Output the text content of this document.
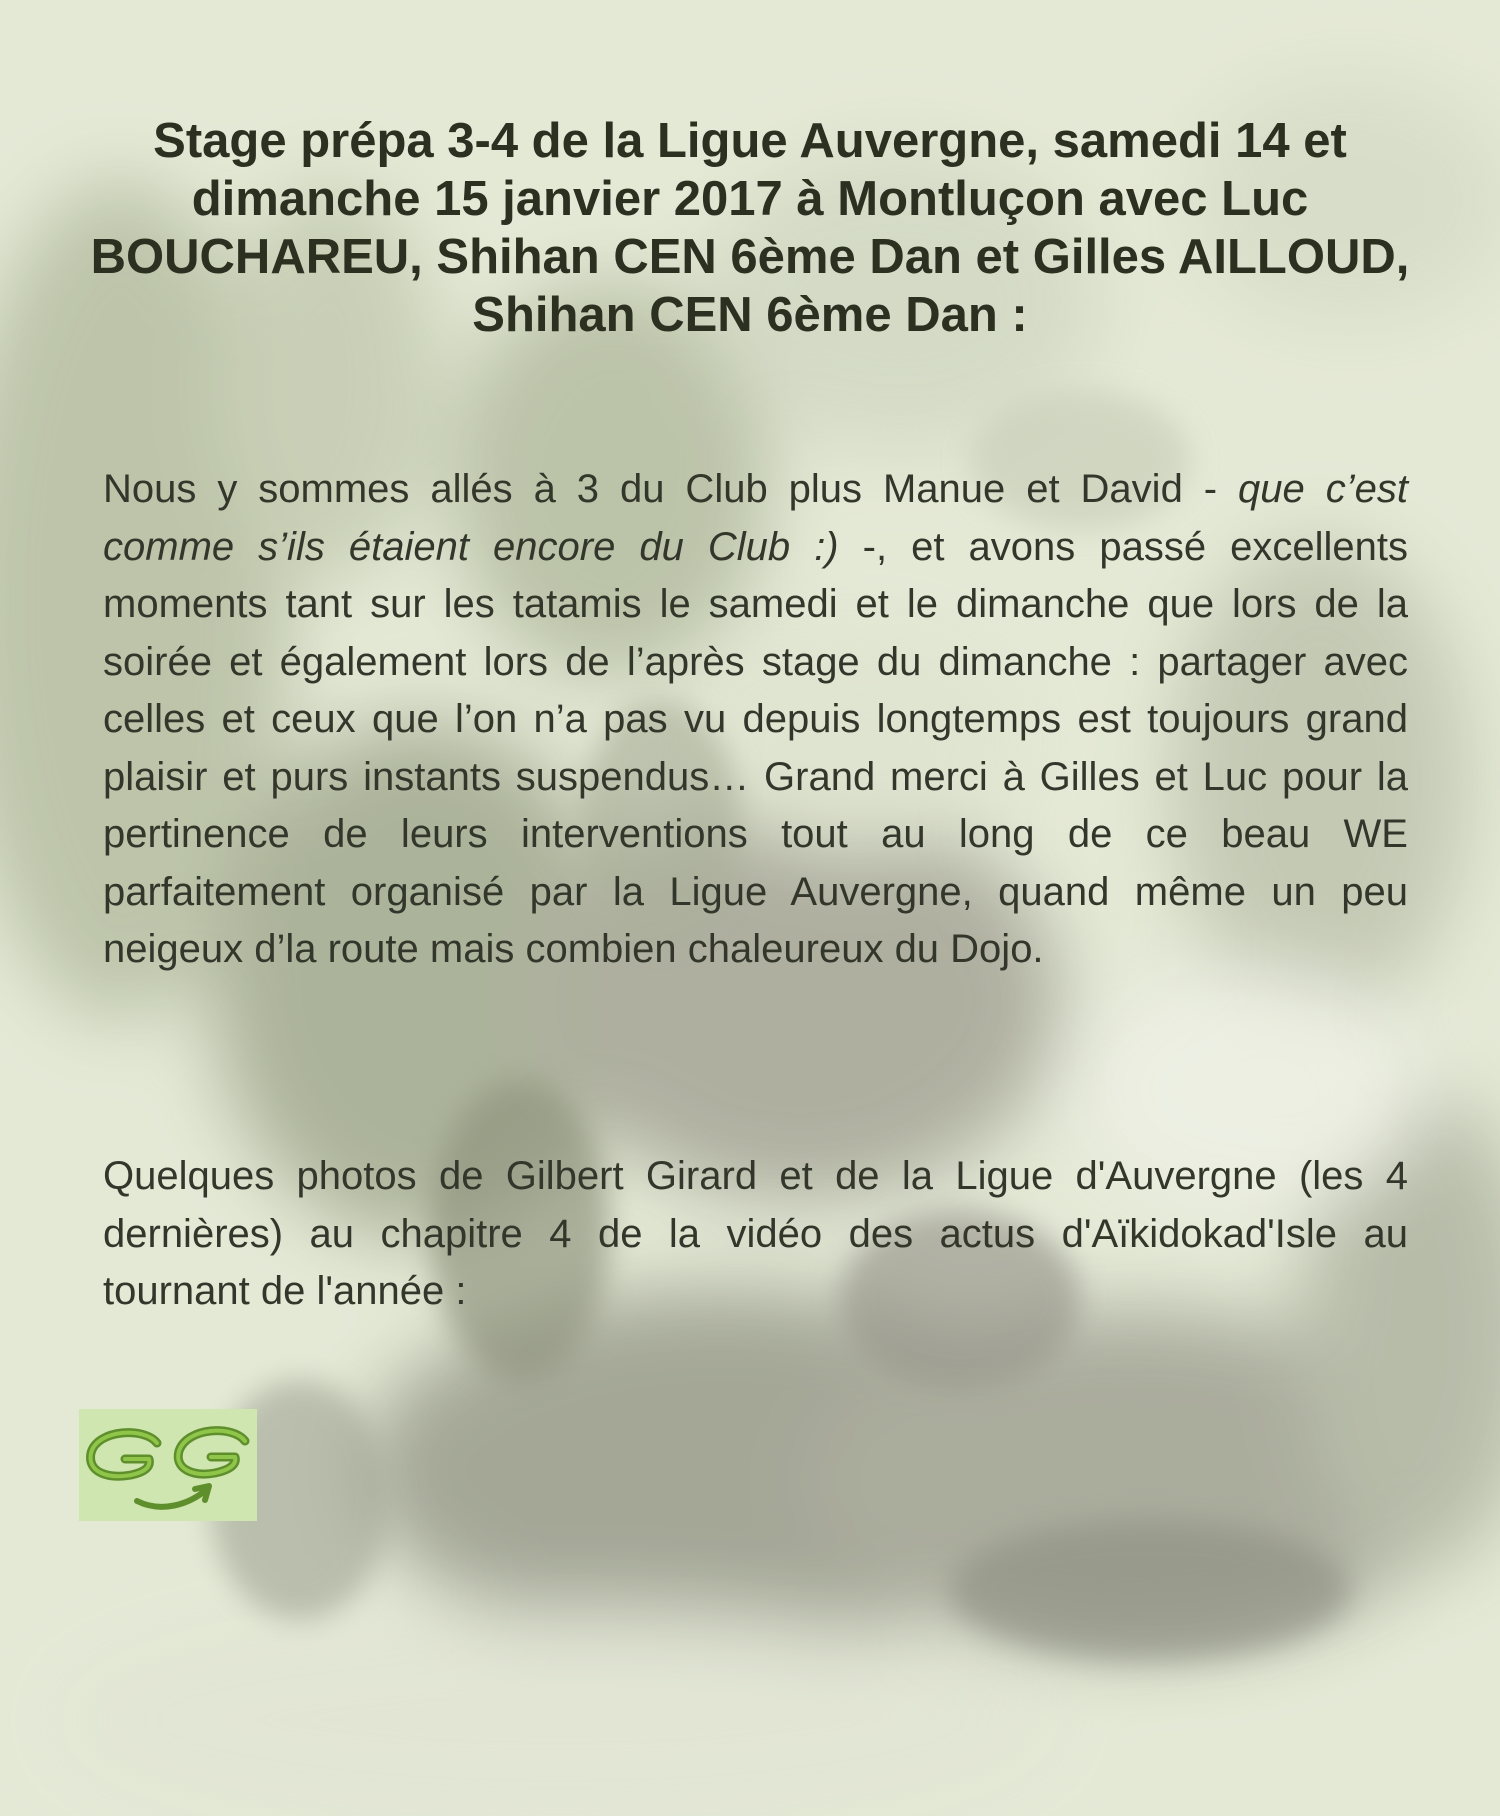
Stage prépa 3-4 de la Ligue Auvergne, samedi 14 et dimanche 15 janvier 2017 à Montluçon avec Luc BOUCHAREU, Shihan CEN 6ème Dan et Gilles AILLOUD, Shihan CEN 6ème Dan :

Nous y sommes allés à 3 du Club plus Manue et David - que c’est comme s’ils étaient encore du Club :) -, et avons passé excellents moments tant sur les tatamis le samedi et le dimanche que lors de la soirée et également lors de l’après stage du dimanche : partager avec celles et ceux que l’on n’a pas vu depuis longtemps est toujours grand plaisir et purs instants suspendus… Grand merci à Gilles et Luc pour la pertinence de leurs interventions tout au long de ce beau WE parfaitement organisé par la Ligue Auvergne, quand même un peu neigeux d’la route mais combien chaleureux du Dojo.

Quelques photos de Gilbert Girard et de la Ligue d'Auvergne (les 4 dernières) au chapitre 4 de la vidéo des actus d'Aïkidokad'Isle au tournant de l'année :
